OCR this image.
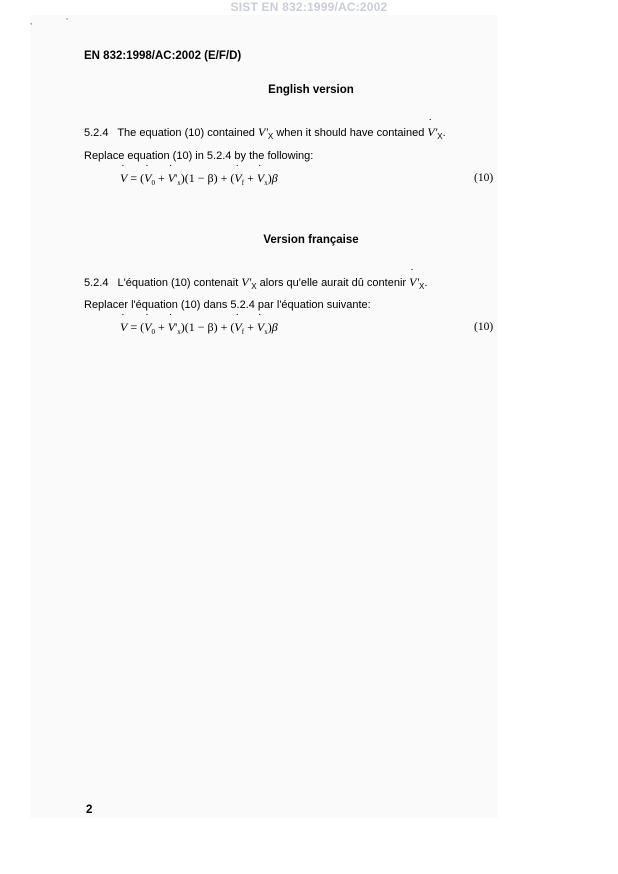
SIST EN 832:1999/AC:2002
,	'
EN 832:1998/AC:2002 (E/F/D)
English version
5.2.4 The equation (10) contained $V'_X$ when it should have contained V' $˙_X$.
Replace equation (10) in 5.2.4 by the following:
V ˙ = (V $˙_0 + V$ $˙'_x)(1 - \beta) + (V$ $˙_f + V$ $˙_x)\beta$	(10)
Version française
5.2.4 L'équation (10) contenait $V'_X$ alors qu'elle aurait dû contenir V' $˙_X$.
Replacer l'équation (10) dans 5.2.4 par l'équation suivante:
V ˙ = (V $˙_0 + V$ $˙'_x)(1 - \beta) + (V$ $˙_f + V$ $˙_x)\beta$	(10)
2
